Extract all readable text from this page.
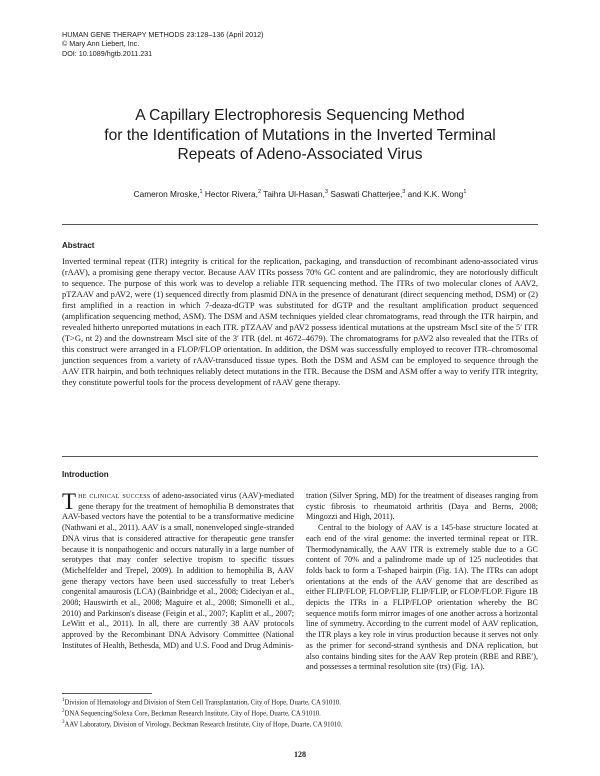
HUMAN GENE THERAPY METHODS 23:128–136 (April 2012)
© Mary Ann Liebert, Inc.
DOI: 10.1089/hgtb.2011.231
A Capillary Electrophoresis Sequencing Method
for the Identification of Mutations in the Inverted Terminal
Repeats of Adeno-Associated Virus
Cameron Mroske,$^1$ Hector Rivera,$^2$ Taihra Ul-Hasan,$^3$ Saswati Chatterjee,$^3$ and K.K. Wong$^1$
Abstract
Inverted terminal repeat (ITR) integrity is critical for the replication, packaging, and transduction of recombinant adeno-associated virus (rAAV), a promising gene therapy vector. Because AAV ITRs possess 70% GC content and are palindromic, they are notoriously difficult to sequence. The purpose of this work was to develop a reliable ITR sequencing method. The ITRs of two molecular clones of AAV2, pTZAAV and pAV2, were (1) sequenced directly from plasmid DNA in the presence of denaturant (direct sequencing method, DSM) or (2) first amplified in a reaction in which 7-deaza-dGTP was substituted for dGTP and the resultant amplification product sequenced (amplification sequencing method, ASM). The DSM and ASM techniques yielded clear chromatograms, read through the ITR hairpin, and revealed hitherto unreported mutations in each ITR. pTZAAV and pAV2 possess identical mutations at the upstream MscI site of the 5′ ITR (T>G, nt 2) and the downstream MscI site of the 3′ ITR (del. nt 4672–4679). The chromatograms for pAV2 also revealed that the ITRs of this construct were arranged in a FLOP/FLOP orientation. In addition, the DSM was successfully employed to recover ITR–chromosomal junction sequences from a variety of rAAV-transduced tissue types. Both the DSM and ASM can be employed to sequence through the AAV ITR hairpin, and both techniques reliably detect mutations in the ITR. Because the DSM and ASM offer a way to verify ITR integrity, they constitute powerful tools for the process development of rAAV gene therapy.
Introduction

The clinical success of adeno-associated virus (AAV)-mediated gene therapy for the treatment of hemophilia B demonstrates that AAV-based vectors have the potential to be a transformative medicine (Nathwani et al., 2011). AAV is a small, nonenveloped single-stranded DNA virus that is considered attractive for therapeutic gene transfer because it is nonpathogenic and occurs naturally in a large number of serotypes that may confer selective tropism to specific tissues (Michelfelder and Trepel, 2009). In addition to hemophilia B, AAV gene therapy vectors have been used successfully to treat Leber's congenital amaurosis (LCA) (Bainbridge et al., 2008; Cideciyan et al., 2008; Hauswirth et al., 2008; Maguire et al., 2008; Simonelli et al., 2010) and Parkinson's disease (Feigin et al., 2007; Kaplitt et al., 2007; LeWitt et al., 2011). In all, there are currently 38 AAV protocols approved by the Recombinant DNA Advisory Committee (National Institutes of Health, Bethesda, MD) and U.S. Food and Drug Adminis-

tration (Silver Spring, MD) for the treatment of diseases ranging from cystic fibrosis to rheumatoid arthritis (Daya and Berns, 2008; Mingozzi and High, 2011).

Central to the biology of AAV is a 145-base structure located at each end of the viral genome: the inverted terminal repeat or ITR. Thermodynamically, the AAV ITR is extremely stable due to a GC content of 70% and a palindrome made up of 125 nucleotides that folds back to form a T-shaped hairpin (Fig. 1A). The ITRs can adopt orientations at the ends of the AAV genome that are described as either FLIP/FLOP, FLOP/FLIP, FLIP/FLIP, or FLOP/FLOP. Figure 1B depicts the ITRs in a FLIP/FLOP orientation whereby the BC sequence motifs form mirror images of one another across a horizontal line of symmetry. According to the current model of AAV replication, the ITR plays a key role in virus production because it serves not only as the primer for second-strand synthesis and DNA replication, but also contains binding sites for the AAV Rep protein (RBE and RBE′), and possesses a terminal resolution site (trs) (Fig. 1A).

$^1$Division of Hematology and Division of Stem Cell Transplantation, City of Hope, Duarte, CA 91010.
$^2$DNA Sequencing/Solexa Core, Beckman Research Institute, City of Hope, Duarte, CA 91010.
$^3$AAV Laboratory, Division of Virology, Beckman Research Institute, City of Hope, Duarte, CA 91010.
128
